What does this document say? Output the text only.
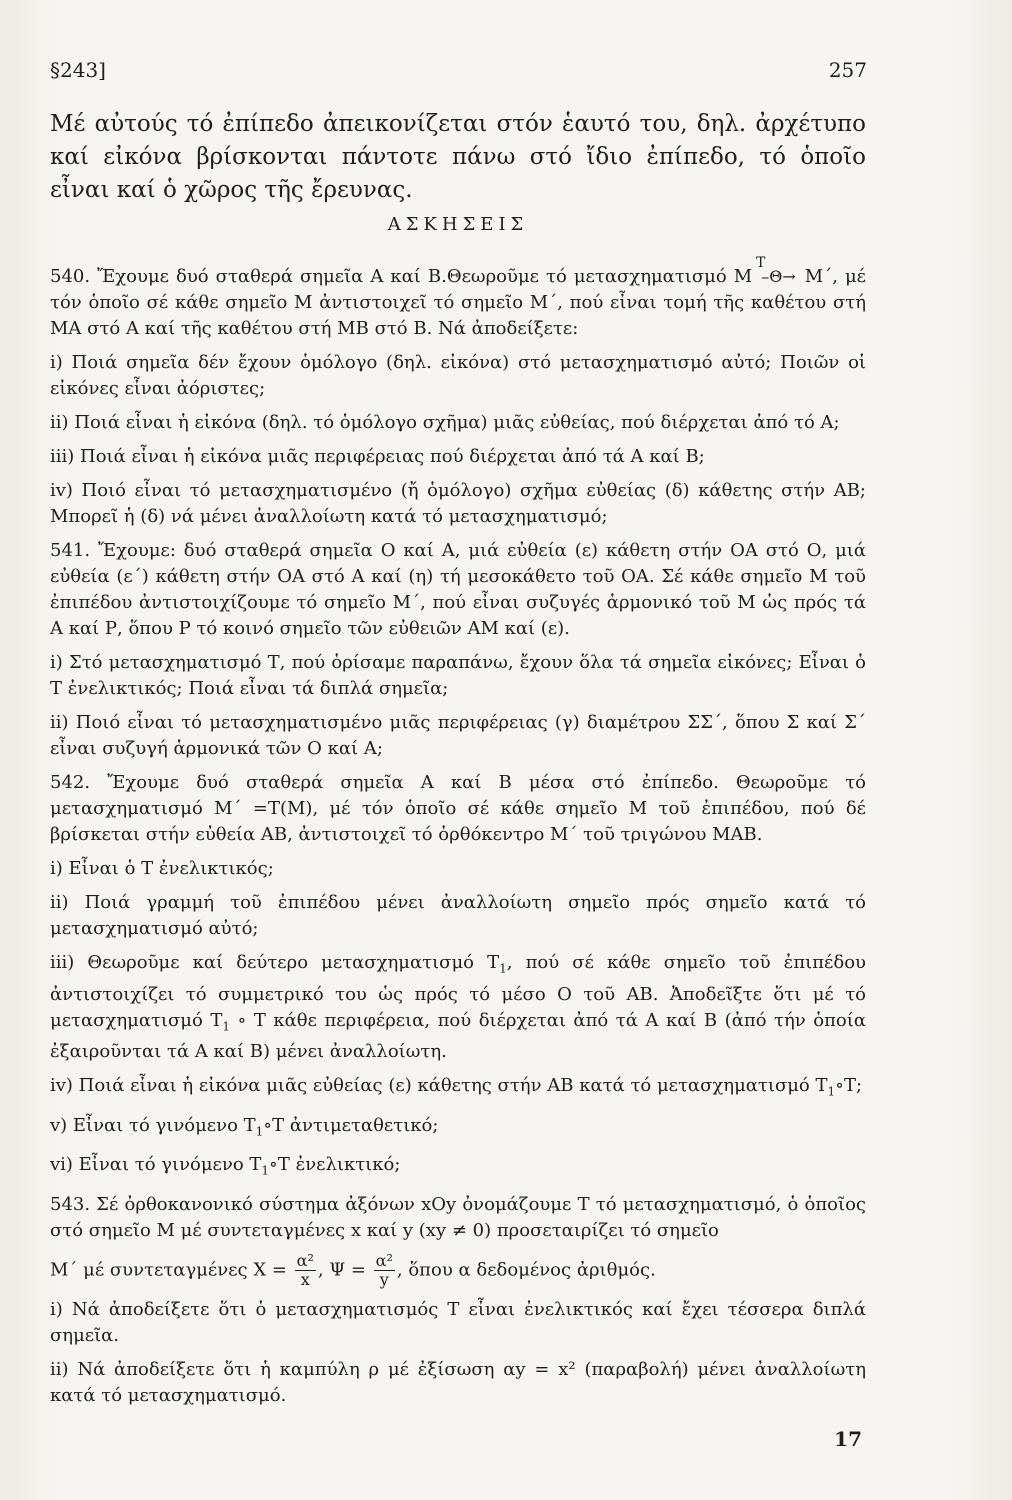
§243]	257
Μέ αὐτούς τό ἐπίπεδο ἀπεικονίζεται στόν ἑαυτό του, δηλ. ἀρχέτυπο καί εἰκόνα βρίσκονται πάντοτε πάνω στό ἴδιο ἐπίπεδο, τό ὁποῖο εἶναι καί ὁ χῶρος τῆς ἔρευνας.
ΑΣΚΗΣΕΙΣ
T

540. Ἔχουμε δυό σταθερά σημεῖα Α καί Β.Θεωροῦμε τό μετασχηματισμό Μ –Θ→ Μ΄, μέ τόν ὁποῖο σέ κάθε σημεῖο Μ ἀντιστοιχεῖ τό σημεῖο Μ΄, πού εἶναι τομή τῆς καθέτου στή ΜΑ στό Α καί τῆς καθέτου στή ΜΒ στό Β. Νά ἀποδείξετε:

i) Ποιά σημεῖα δέν ἔχουν ὁμόλογο (δηλ. εἰκόνα) στό μετασχηματισμό αὐτό; Ποιῶν οἱ εἰκόνες εἶναι ἀόριστες;

ii) Ποιά εἶναι ἡ εἰκόνα (δηλ. τό ὁμόλογο σχῆμα) μιᾶς εὐθείας, πού διέρχεται ἀπό τό Α;

iii) Ποιά εἶναι ἡ εἰκόνα μιᾶς περιφέρειας πού διέρχεται ἀπό τά Α καί Β;

iv) Ποιό εἶναι τό μετασχηματισμένο (ἤ ὁμόλογο) σχῆμα εὐθείας (δ) κάθετης στήν ΑΒ; Μπορεῖ ἡ (δ) νά μένει ἀναλλοίωτη κατά τό μετασχηματισμό;

541. Ἔχουμε: δυό σταθερά σημεῖα Ο καί Α, μιά εὐθεία (ε) κάθετη στήν ΟΑ στό Ο, μιά εὐθεία (ε΄) κάθετη στήν ΟΑ στό Α καί (η) τή μεσοκάθετο τοῦ ΟΑ. Σέ κάθε σημεῖο Μ τοῦ ἐπιπέδου ἀντιστοιχίζουμε τό σημεῖο Μ΄, πού εἶναι συζυγές ἁρμονικό τοῦ Μ ὡς πρός τά Α καί Ρ, ὅπου Ρ τό κοινό σημεῖο τῶν εὐθειῶν ΑΜ καί (ε).

i) Στό μετασχηματισμό Τ, πού ὁρίσαμε παραπάνω, ἔχουν ὅλα τά σημεῖα εἰκόνες; Εἶναι ὁ Τ ἐνελικτικός; Ποιά εἶναι τά διπλά σημεῖα;

ii) Ποιό εἶναι τό μετασχηματισμένο μιᾶς περιφέρειας (γ) διαμέτρου ΣΣ΄, ὅπου Σ καί Σ΄ εἶναι συζυγή ἁρμονικά τῶν Ο καί Α;

542. Ἔχουμε δυό σταθερά σημεῖα Α καί Β μέσα στό ἐπίπεδο. Θεωροῦμε τό μετασχηματισμό Μ΄ =Τ(Μ), μέ τόν ὁποῖο σέ κάθε σημεῖο Μ τοῦ ἐπιπέδου, πού δέ βρίσκεται στήν εὐθεία ΑΒ, ἀντιστοιχεῖ τό ὀρθόκεντρο Μ΄ τοῦ τριγώνου ΜΑΒ.

i) Εἶναι ὁ Τ ἐνελικτικός;

ii) Ποιά γραμμή τοῦ ἐπιπέδου μένει ἀναλλοίωτη σημεῖο πρός σημεῖο κατά τό μετασχηματισμό αὐτό;

iii) Θεωροῦμε καί δεύτερο μετασχηματισμό $T_1$, πού σέ κάθε σημεῖο τοῦ ἐπιπέδου ἀντιστοιχίζει τό συμμετρικό του ὡς πρός τό μέσο Ο τοῦ ΑΒ. Ἀποδεῖξτε ὅτι μέ τό μετασχηματισμό $T_1$ ∘ Τ κάθε περιφέρεια, πού διέρχεται ἀπό τά Α καί Β (ἀπό τήν ὁποία ἐξαιροῦνται τά Α καί Β) μένει ἀναλλοίωτη.

iv) Ποιά εἶναι ἡ εἰκόνα μιᾶς εὐθείας (ε) κάθετης στήν ΑΒ κατά τό μετασχηματισμό $T_1\circ T$;

v) Εἶναι τό γινόμενο $T_1\circ T$ ἀντιμεταθετικό;

vi) Εἶναι τό γινόμενο $T_1\circ T$ ἐνελικτικό;

543. Σέ ὀρθοκανονικό σύστημα ἀξόνων xOy ὀνομάζουμε Τ τό μετασχηματισμό, ὁ ὁποῖος στό σημεῖο Μ μέ συντεταγμένες x καί y (xy ≠ 0) προσεταιρίζει τό σημεῖο

Μ΄ μέ συντεταγμένες $X = \frac{\text{α²}}{x}$ , $\Psi = \frac{\text{α²}}{y}$ , ὅπου α δεδομένος ἀριθμός.

i) Νά ἀποδείξετε ὅτι ὁ μετασχηματισμός Τ εἶναι ἐνελικτικός καί ἔχει τέσσερα διπλά σημεῖα.

ii) Νά ἀποδείξετε ὅτι ἡ καμπύλη ρ μέ ἐξίσωση αy = x² (παραβολή) μένει ἀναλλοίωτη κατά τό μετασχηματισμό.

17
